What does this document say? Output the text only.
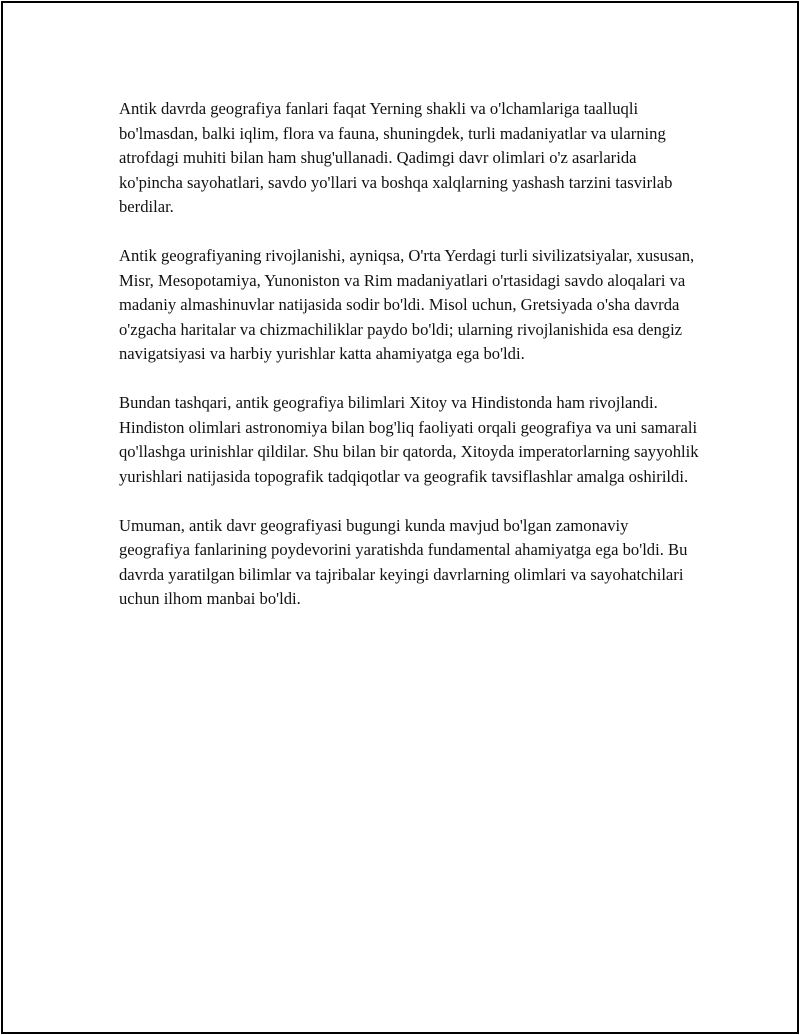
Antik davrda geografiya fanlari faqat Yerning shakli va o'lchamlariga taalluqli bo'lmasdan, balki iqlim, flora va fauna, shuningdek, turli madaniyatlar va ularning atrofdagi muhiti bilan ham shug'ullanadi. Qadimgi davr olimlari o'z asarlarida ko'pincha sayohatlari, savdo yo'llari va boshqa xalqlarning yashash tarzini tasvirlab berdilar.

Antik geografiyaning rivojlanishi, ayniqsa, O'rta Yerdagi turli sivilizatsiyalar, xususan, Misr, Mesopotamiya, Yunoniston va Rim madaniyatlari o'rtasidagi savdo aloqalari va madaniy almashinuvlar natijasida sodir bo'ldi. Misol uchun, Gretsiyada o'sha davrda o'zgacha haritalar va chizmachiliklar paydo bo'ldi; ularning rivojlanishida esa dengiz navigatsiyasi va harbiy yurishlar katta ahamiyatga ega bo'ldi.

Bundan tashqari, antik geografiya bilimlari Xitoy va Hindistonda ham rivojlandi. Hindiston olimlari astronomiya bilan bog'liq faoliyati orqali geografiya va uni samarali qo'llashga urinishlar qildilar. Shu bilan bir qatorda, Xitoyda imperatorlarning sayyohlik yurishlari natijasida topografik tadqiqotlar va geografik tavsiflashlar amalga oshirildi.

Umuman, antik davr geografiyasi bugungi kunda mavjud bo'lgan zamonaviy geografiya fanlarining poydevorini yaratishda fundamental ahamiyatga ega bo'ldi. Bu davrda yaratilgan bilimlar va tajribalar keyingi davrlarning olimlari va sayohatchilari uchun ilhom manbai bo'ldi.
